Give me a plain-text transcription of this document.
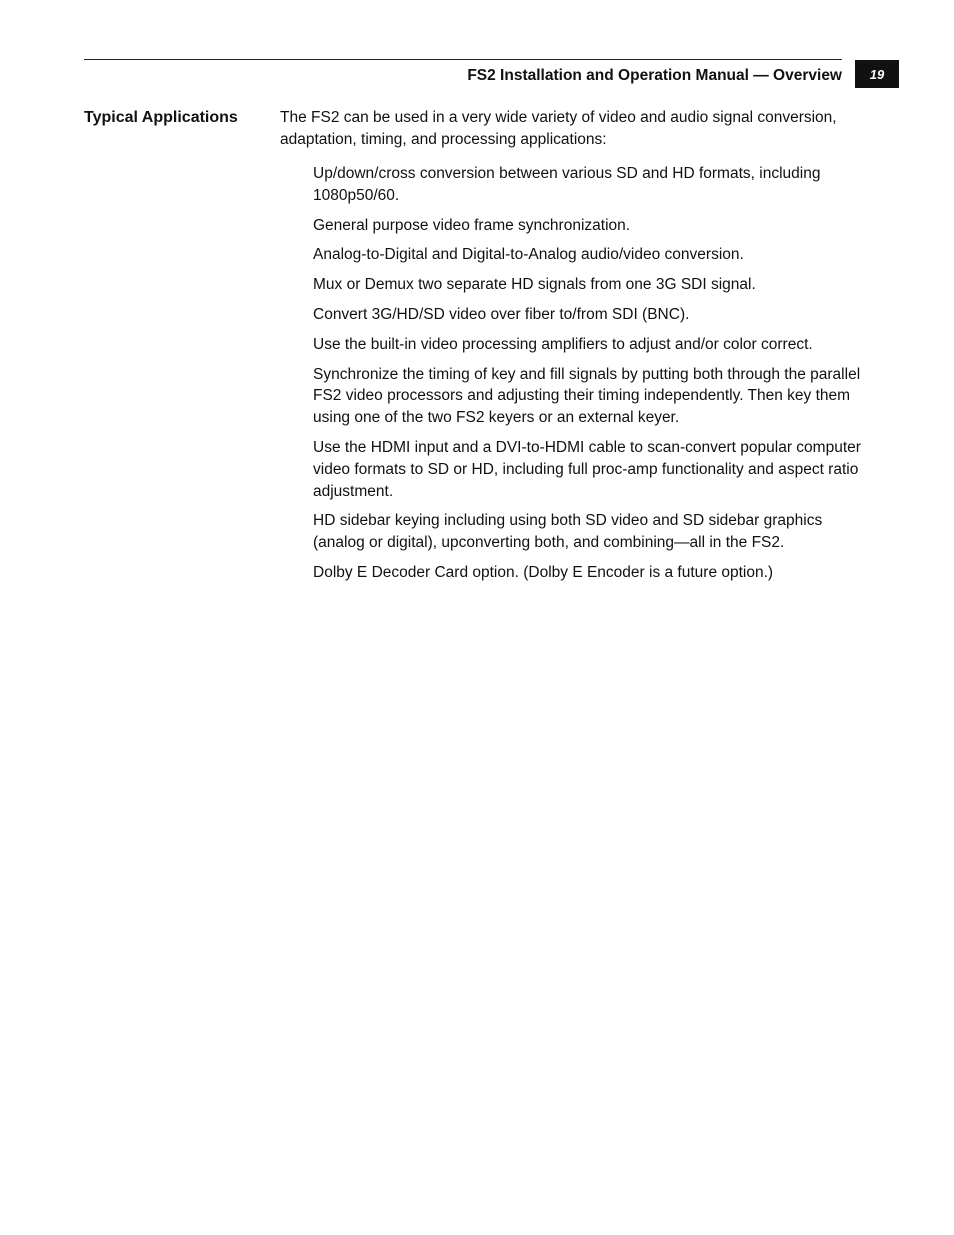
FS2 Installation and Operation Manual — Overview 19
Typical Applications	The FS2 can be used in a very wide variety of video and audio signal conversion, adaptation, timing, and processing applications:

Up/down/cross conversion between various SD and HD formats, including 1080p50/60.
General purpose video frame synchronization.
Analog-to-Digital and Digital-to-Analog audio/video conversion.
Mux or Demux two separate HD signals from one 3G SDI signal.
Convert 3G/HD/SD video over fiber to/from SDI (BNC).
Use the built-in video processing amplifiers to adjust and/or color correct.
Synchronize the timing of key and fill signals by putting both through the parallel FS2 video processors and adjusting their timing independently. Then key them using one of the two FS2 keyers or an external keyer.
Use the HDMI input and a DVI-to-HDMI cable to scan-convert popular computer video formats to SD or HD, including full proc-amp functionality and aspect ratio adjustment.
HD sidebar keying including using both SD video and SD sidebar graphics (analog or digital), upconverting both, and combining—all in the FS2.
Dolby E Decoder Card option. (Dolby E Encoder is a future option.)
